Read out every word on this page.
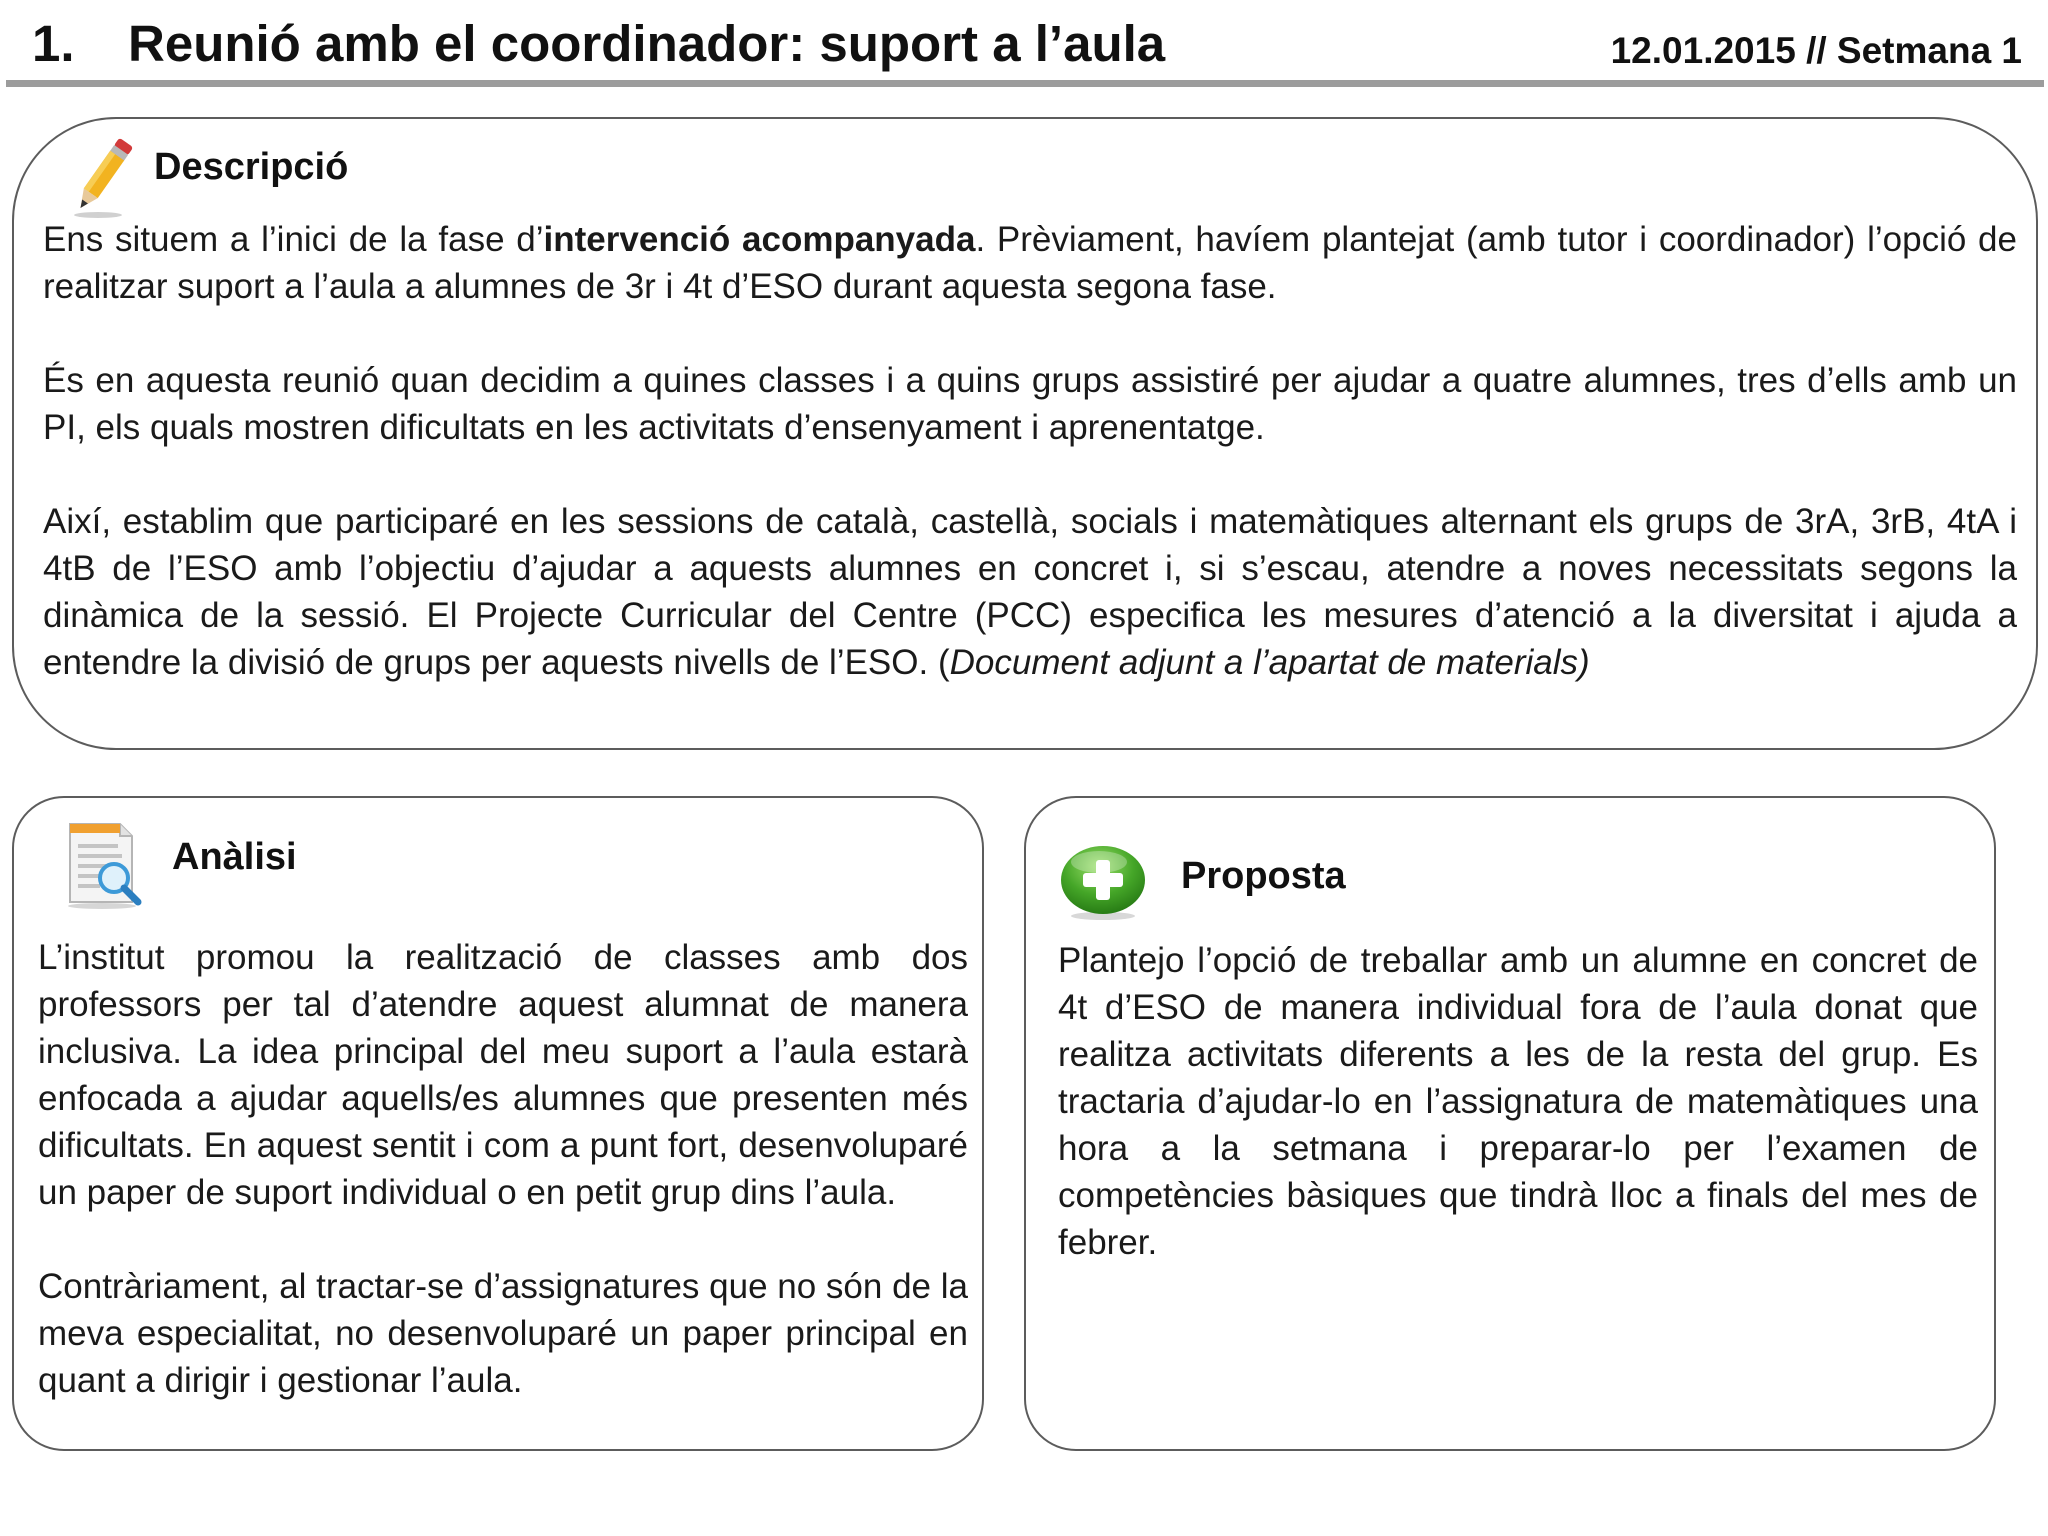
1. Reunió amb el coordinador: suport a l’aula	12.01.2015 // Setmana 1
Descripció

Ens situem a l’inici de la fase d’intervenció acompanyada. Prèviament, havíem plantejat (amb tutor i coordinador) l’opció de realitzar suport a l’aula a alumnes de 3r i 4t d’ESO durant aquesta segona fase.

És en aquesta reunió quan decidim a quines classes i a quins grups assistiré per ajudar a quatre alumnes, tres d’ells amb un PI, els quals mostren dificultats en les activitats d’ensenyament i aprenentatge.

Així, establim que participaré en les sessions de català, castellà, socials i matemàtiques alternant els grups de 3rA, 3rB, 4tA i 4tB de l’ESO amb l’objectiu d’ajudar a aquests alumnes en concret i, si s’escau, atendre a noves necessitats segons la dinàmica de la sessió. El Projecte Curricular del Centre (PCC) especifica les mesures d’atenció a la diversitat i ajuda a entendre la divisió de grups per aquests nivells de l’ESO. (Document adjunt a l’apartat de materials)

Anàlisi

L’institut promou la realització de classes amb dos professors per tal d’atendre aquest alumnat de manera inclusiva. La idea principal del meu suport a l’aula estarà enfocada a ajudar aquells/es alumnes que presenten més dificultats. En aquest sentit i com a punt fort, desenvoluparé un paper de suport individual o en petit grup dins l’aula.

Contràriament, al tractar-se d’assignatures que no són de la meva especialitat, no desenvoluparé un paper principal en quant a dirigir i gestionar l’aula.

Proposta

Plantejo l’opció de treballar amb un alumne en concret de 4t d’ESO de manera individual fora de l’aula donat que realitza activitats diferents a les de la resta del grup. Es tractaria d’ajudar-lo en l’assignatura de matemàtiques una hora a la setmana i preparar-lo per l’examen de competències bàsiques que tindrà lloc a finals del mes de febrer.
